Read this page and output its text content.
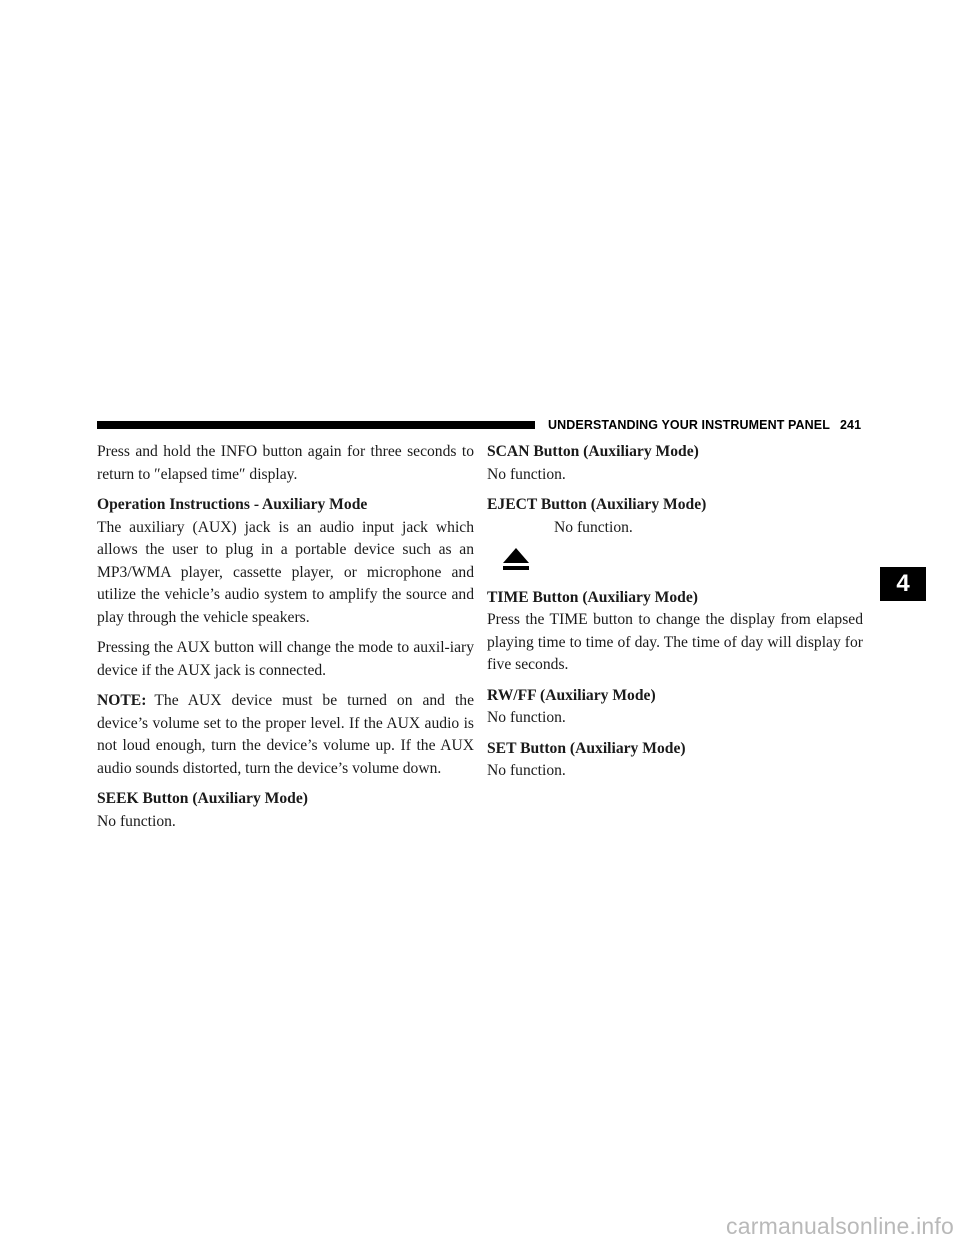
UNDERSTANDING YOUR INSTRUMENT PANEL 241
4

Press and hold the INFO button again for three seconds to return to ″elapsed time″ display.

Operation Instructions - Auxiliary Mode

The auxiliary (AUX) jack is an audio input jack which allows the user to plug in a portable device such as an MP3/WMA player, cassette player, or microphone and utilize the vehicle’s audio system to amplify the source and play through the vehicle speakers.

Pressing the AUX button will change the mode to auxil-iary device if the AUX jack is connected.

NOTE: The AUX device must be turned on and the device’s volume set to the proper level. If the AUX audio is not loud enough, turn the device’s volume up. If the AUX audio sounds distorted, turn the device’s volume down.

SEEK Button (Auxiliary Mode)

No function.

SCAN Button (Auxiliary Mode)

No function.

EJECT Button (Auxiliary Mode)

No function.

TIME Button (Auxiliary Mode)

Press the TIME button to change the display from elapsed playing time to time of day. The time of day will display for five seconds.

RW/FF (Auxiliary Mode)

No function.

SET Button (Auxiliary Mode)

No function.

carmanualsonline.info
